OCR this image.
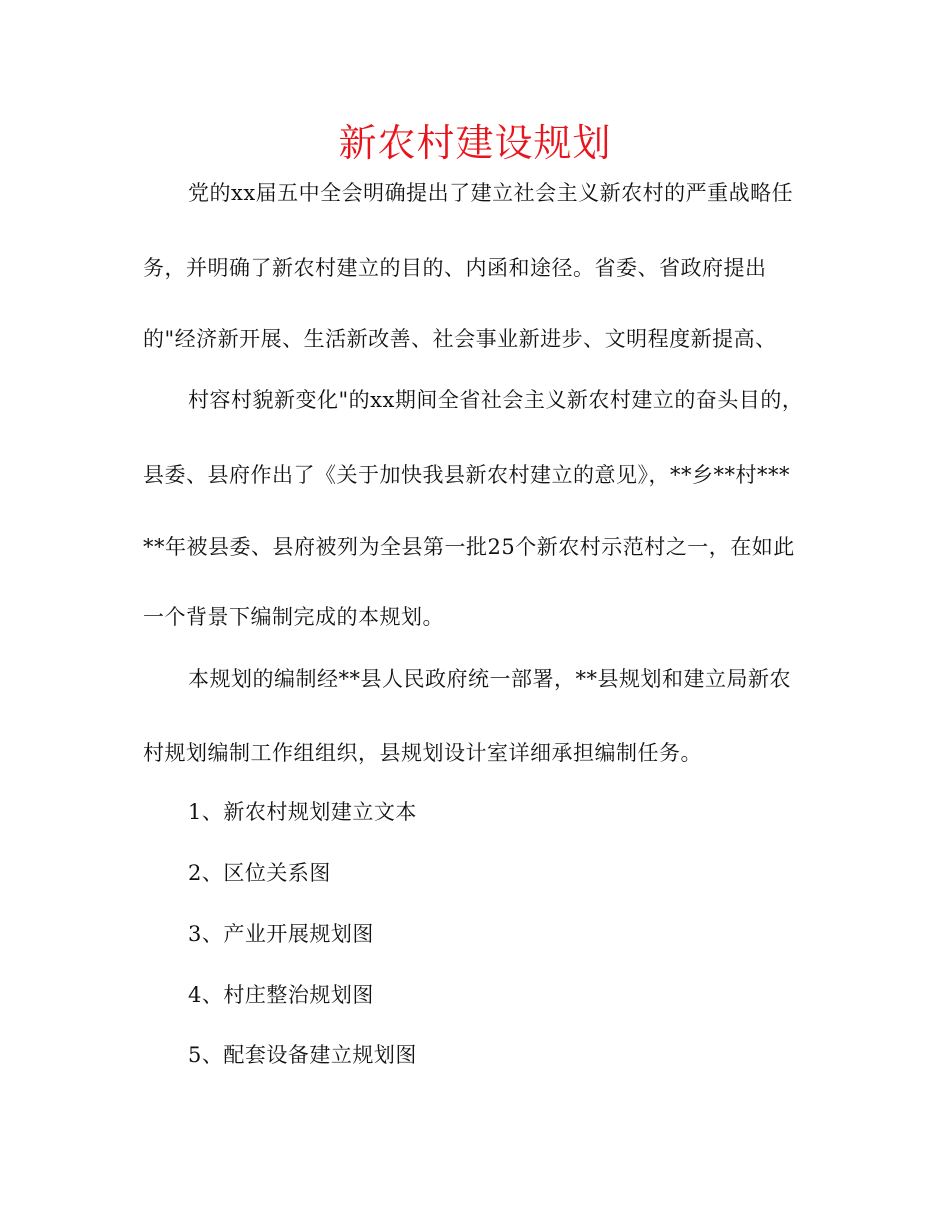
新农村建设规划
党的xx届五中全会明确提出了建立社会主义新农村的严重战略任
务，并明确了新农村建立的目的、内函和途径。省委、省政府提出
的"经济新开展、生活新改善、社会事业新进步、文明程度新提高、
村容村貌新变化"的xx期间全省社会主义新农村建立的奋头目的，
县委、县府作出了《关于加快我县新农村建立的意见》，**乡**村***
**年被县委、县府被列为全县第一批25个新农村示范村之一，在如此
一个背景下编制完成的本规划。
本规划的编制经**县人民政府统一部署，**县规划和建立局新农
村规划编制工作组组织，县规划设计室详细承担编制任务。
1、新农村规划建立文本
2、区位关系图
3、产业开展规划图
4、村庄整治规划图
5、配套设备建立规划图
